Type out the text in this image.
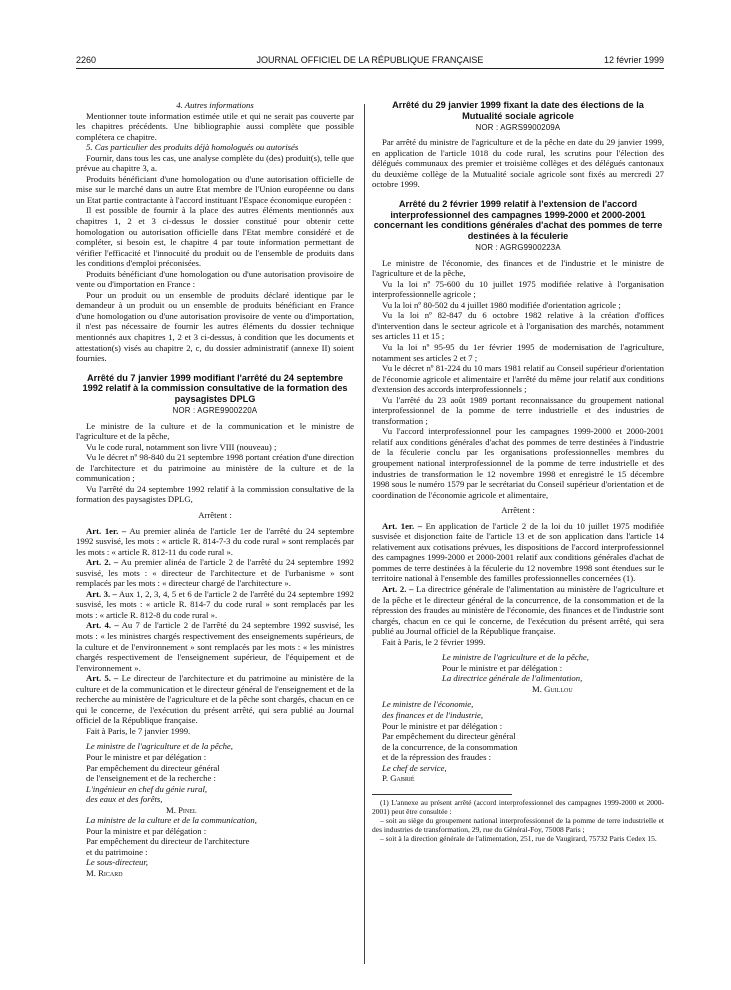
2260	JOURNAL OFFICIEL DE LA RÉPUBLIQUE FRANÇAISE	12 février 1999

4. Autres informations

Mentionner toute information estimée utile et qui ne serait pas couverte par les chapitres précédents. Une bibliographie aussi complète que possible complétera ce chapitre.

5. Cas particulier des produits déjà homologués ou autorisés

Fournir, dans tous les cas, une analyse complète du (des) produit(s), telle que prévue au chapitre 3, a.

Produits bénéficiant d'une homologation ou d'une autorisation officielle de mise sur le marché dans un autre Etat membre de l'Union européenne ou dans un Etat partie contractante à l'accord instituant l'Espace économique européen :

Il est possible de fournir à la place des autres éléments mentionnés aux chapitres 1, 2 et 3 ci-dessus le dossier constitué pour obtenir cette homologation ou autorisation officielle dans l'Etat membre considéré et de compléter, si besoin est, le chapitre 4 par toute information permettant de vérifier l'efficacité et l'innocuité du produit ou de l'ensemble de produits dans les conditions d'emploi préconisées.

Produits bénéficiant d'une homologation ou d'une autorisation provisoire de vente ou d'importation en France :

Pour un produit ou un ensemble de produits déclaré identique par le demandeur à un produit ou un ensemble de produits bénéficiant en France d'une homologation ou d'une autorisation provisoire de vente ou d'importation, il n'est pas nécessaire de fournir les autres éléments du dossier technique mentionnés aux chapitres 1, 2 et 3 ci-dessus, à condition que les documents et attestation(s) visés au chapitre 2, c, du dossier administratif (annexe II) soient fournies.

Arrêté du 7 janvier 1999 modifiant l'arrêté du 24 septembre 1992 relatif à la commission consultative de la formation des paysagistes DPLG
NOR : AGRE9900220A

Le ministre de la culture et de la communication et le ministre de l'agriculture et de la pêche,

Vu le code rural, notamment son livre VIII (nouveau) ;

Vu le décret nº 98-840 du 21 septembre 1998 portant création d'une direction de l'architecture et du patrimoine au ministère de la culture et de la communication ;

Vu l'arrêté du 24 septembre 1992 relatif à la commission consultative de la formation des paysagistes DPLG,

Arrêtent :

Art. 1er. – Au premier alinéa de l'article 1er de l'arrêté du 24 septembre 1992 susvisé, les mots : « article R. 814-7-3 du code rural » sont remplacés par les mots : « article R. 812-11 du code rural ».

Art. 2. – Au premier alinéa de l'article 2 de l'arrêté du 24 septembre 1992 susvisé, les mots : « directeur de l'architecture et de l'urbanisme » sont remplacés par les mots : « directeur chargé de l'architecture ».

Art. 3. – Aux 1, 2, 3, 4, 5 et 6 de l'article 2 de l'arrêté du 24 septembre 1992 susvisé, les mots : « article R. 814-7 du code rural » sont remplacés par les mots : « article R. 812-8 du code rural ».

Art. 4. – Au 7 de l'article 2 de l'arrêté du 24 septembre 1992 susvisé, les mots : « les ministres chargés respectivement des enseignements supérieurs, de la culture et de l'environnement » sont remplacés par les mots : « les ministres chargés respectivement de l'enseignement supérieur, de l'équipement et de l'environnement ».

Art. 5. – Le directeur de l'architecture et du patrimoine au ministère de la culture et de la communication et le directeur général de l'enseignement et de la recherche au ministère de l'agriculture et de la pêche sont chargés, chacun en ce qui le concerne, de l'exécution du présent arrêté, qui sera publié au Journal officiel de la République française.

Fait à Paris, le 7 janvier 1999.

Le ministre de l'agriculture et de la pêche,

Pour le ministre et par délégation :

Par empêchement du directeur général

de l'enseignement et de la recherche :

L'ingénieur en chef du génie rural,

des eaux et des forêts,

M. Pinel

La ministre de la culture et de la communication,

Pour la ministre et par délégation :

Par empêchement du directeur de l'architecture

et du patrimoine :

Le sous-directeur,

M. Ricard

Arrêté du 29 janvier 1999 fixant la date des élections de la Mutualité sociale agricole
NOR : AGRS9900209A

Par arrêté du ministre de l'agriculture et de la pêche en date du 29 janvier 1999, en application de l'article 1018 du code rural, les scrutins pour l'élection des délégués communaux des premier et troisième collèges et des délégués cantonaux du deuxième collège de la Mutualité sociale agricole sont fixés au mercredi 27 octobre 1999.

Arrêté du 2 février 1999 relatif à l'extension de l'accord interprofessionnel des campagnes 1999-2000 et 2000-2001 concernant les conditions générales d'achat des pommes de terre destinées à la féculerie
NOR : AGRG9900223A

Le ministre de l'économie, des finances et de l'industrie et le ministre de l'agriculture et de la pêche,

Vu la loi nº 75-600 du 10 juillet 1975 modifiée relative à l'organisation interprofessionnelle agricole ;

Vu la loi nº 80-502 du 4 juillet 1980 modifiée d'orientation agricole ;

Vu la loi nº 82-847 du 6 octobre 1982 relative à la création d'offices d'intervention dans le secteur agricole et à l'organisation des marchés, notamment ses articles 11 et 15 ;

Vu la loi nº 95-95 du 1er février 1995 de modernisation de l'agriculture, notamment ses articles 2 et 7 ;

Vu le décret nº 81-224 du 10 mars 1981 relatif au Conseil supérieur d'orientation de l'économie agricole et alimentaire et l'arrêté du même jour relatif aux conditions d'extension des accords interprofessionnels ;

Vu l'arrêté du 23 août 1989 portant reconnaissance du groupement national interprofessionnel de la pomme de terre industrielle et des industries de transformation ;

Vu l'accord interprofessionnel pour les campagnes 1999-2000 et 2000-2001 relatif aux conditions générales d'achat des pommes de terre destinées à l'industrie de la féculerie conclu par les organisations professionnelles membres du groupement national interprofessionnel de la pomme de terre industrielle et des industries de transformation le 12 novembre 1998 et enregistré le 15 décembre 1998 sous le numéro 1579 par le secrétariat du Conseil supérieur d'orientation et de coordination de l'économie agricole et alimentaire,

Arrêtent :

Art. 1er. – En application de l'article 2 de la loi du 10 juillet 1975 modifiée susvisée et disjonction faite de l'article 13 et de son application dans l'article 14 relativement aux cotisations prévues, les dispositions de l'accord interprofessionnel des campagnes 1999-2000 et 2000-2001 relatif aux conditions générales d'achat de pommes de terre destinées à la féculerie du 12 novembre 1998 sont étendues sur le territoire national à l'ensemble des familles professionnelles concernées (1).

Art. 2. – La directrice générale de l'alimentation au ministère de l'agriculture et de la pêche et le directeur général de la concurrence, de la consommation et de la répression des fraudes au ministère de l'économie, des finances et de l'industrie sont chargés, chacun en ce qui le concerne, de l'exécution du présent arrêté, qui sera publié au Journal officiel de la République française.

Fait à Paris, le 2 février 1999.

Le ministre de l'agriculture et de la pêche,

Pour le ministre et par délégation :

La directrice générale de l'alimentation,

M. Guillou

Le ministre de l'économie,

des finances et de l'industrie,

Pour le ministre et par délégation :

Par empêchement du directeur général

de la concurrence, de la consommation

et de la répression des fraudes :

Le chef de service,

P. Gabrié

(1) L'annexe au présent arrêté (accord interprofessionnel des campagnes 1999-2000 et 2000-2001) peut être consultée :

– soit au siège du groupement national interprofessionnel de la pomme de terre industrielle et des industries de transformation, 29, rue du Général-Foy, 75008 Paris ;

– soit à la direction générale de l'alimentation, 251, rue de Vaugirard, 75732 Paris Cedex 15.
